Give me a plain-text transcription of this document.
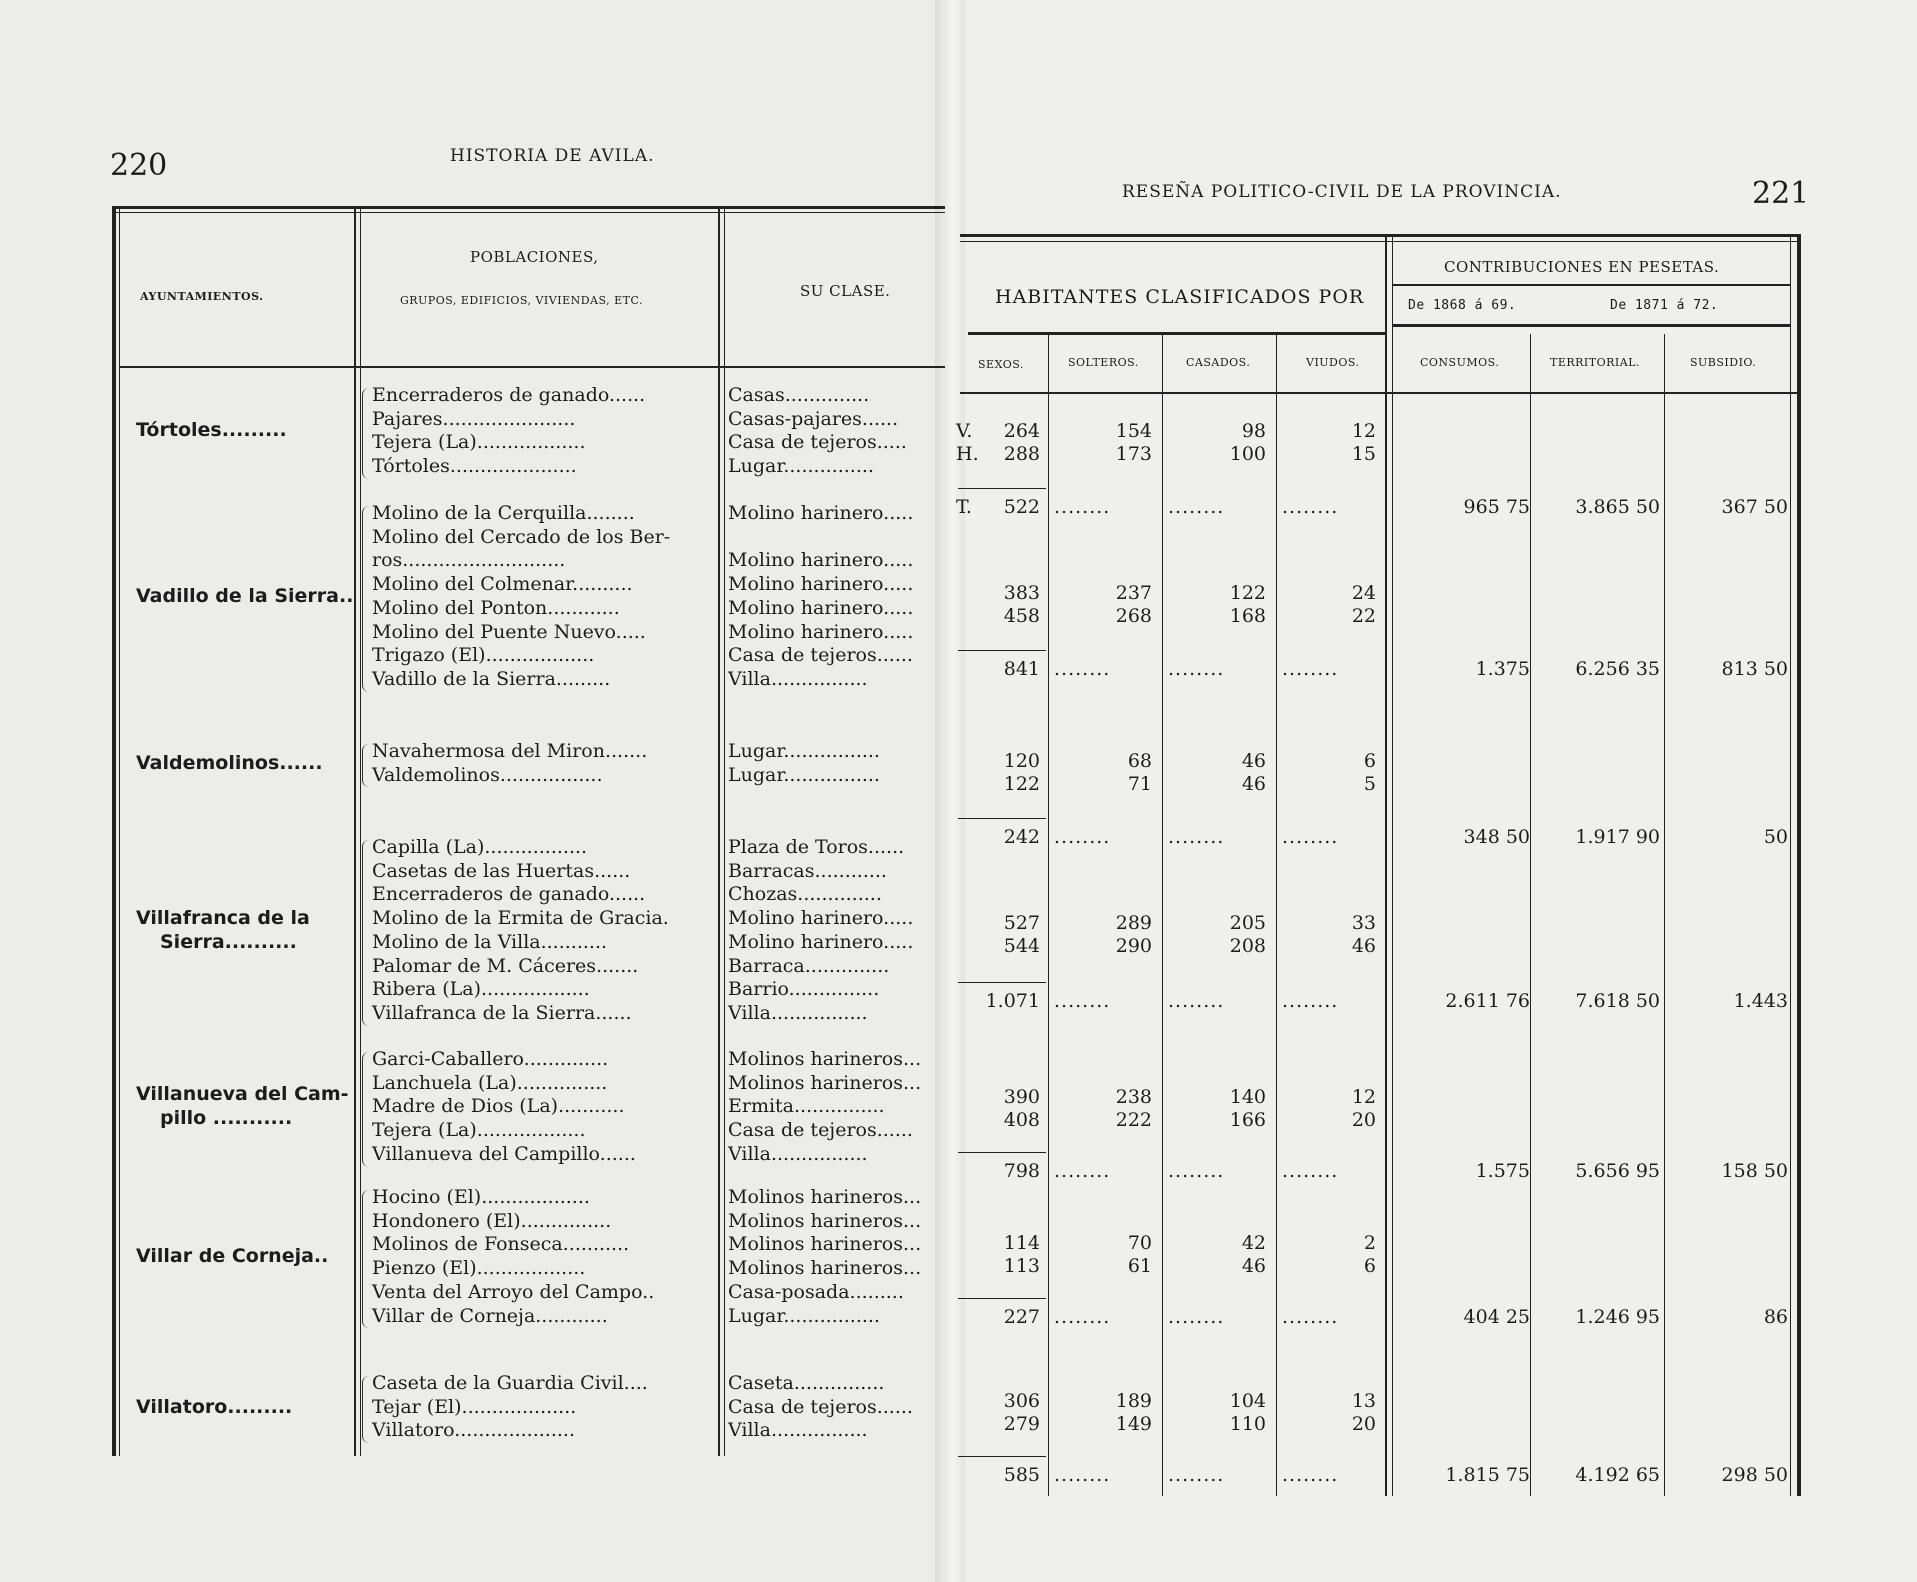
220	HISTORIA DE AVILA.
AYUNTAMIENTOS.
POBLACIONES,
GRUPOS, EDIFICIOS, VIVIENDAS, ETC.
SU CLASE.
Tórtoles.........
Encerraderos de ganado......	Casas..............
Pajares......................	Casas-pajares......
Tejera (La)..................	Casa de tejeros.....
Tórtoles.....................	Lugar...............
Vadillo de la Sierra..
Molino de la Cerquilla........	Molino harinero.....
Molino del Cercado de los Ber-
ros...........................	Molino harinero.....
Molino del Colmenar..........	Molino harinero.....
Molino del Ponton............	Molino harinero.....
Molino del Puente Nuevo.....	Molino harinero.....
Trigazo (El)..................	Casa de tejeros......
Vadillo de la Sierra.........	Villa................
Valdemolinos......
Navahermosa del Miron.......	Lugar................
Valdemolinos.................	Lugar................
Villafranca de la
Sierra..........
Capilla (La).................	Plaza de Toros......
Casetas de las Huertas......	Barracas............
Encerraderos de ganado......	Chozas..............
Molino de la Ermita de Gracia.	Molino harinero.....
Molino de la Villa...........	Molino harinero.....
Palomar de M. Cáceres.......	Barraca..............
Ribera (La)..................	Barrio...............
Villafranca de la Sierra......	Villa................
Villanueva del Cam-
pillo ...........
Garci-Caballero..............	Molinos harineros...
Lanchuela (La)...............	Molinos harineros...
Madre de Dios (La)...........	Ermita...............
Tejera (La)..................	Casa de tejeros......
Villanueva del Campillo......	Villa................
Villar de Corneja..
Hocino (El)..................	Molinos harineros...
Hondonero (El)...............	Molinos harineros...
Molinos de Fonseca...........	Molinos harineros...
Pienzo (El)..................	Molinos harineros...
Venta del Arroyo del Campo..	Casa-posada.........
Villar de Corneja............	Lugar................
Villatoro.........
Caseta de la Guardia Civil....	Caseta...............
Tejar (El)...................	Casa de tejeros......
Villatoro....................	Villa................
RESEÑA POLITICO-CIVIL DE LA PROVINCIA.	221
HABITANTES CLASIFICADOS POR
SEXOS.	SOLTEROS.	CASADOS.	VIUDOS.
CONTRIBUCIONES EN PESETAS.
De 1868 á 69.	De 1871 á 72.
CONSUMOS.	TERRITORIAL.	SUBSIDIO.
V.	264	154	98	12
H.	288	173	100	15
T.	522 ........	........	........	965 75	3.865 50	367 50
383	237	122	24
458	268	168	22
841 ........	........	........	1.375	6.256 35	813 50
120	68	46	6
122	71	46	5
242 ........	........	........	348 50	1.917 90	50
527	289	205	33
544	290	208	46
1.071 ........	........	........	2.611 76	7.618 50	1.443
390	238	140	12
408	222	166	20
798 ........	........	........	1.575	5.656 95	158 50
114	70	42	2
113	61	46	6
227 ........	........	........	404 25	1.246 95	86
306	189	104	13
279	149	110	20
585 ........	........	........	1.815 75	4.192 65	298 50
